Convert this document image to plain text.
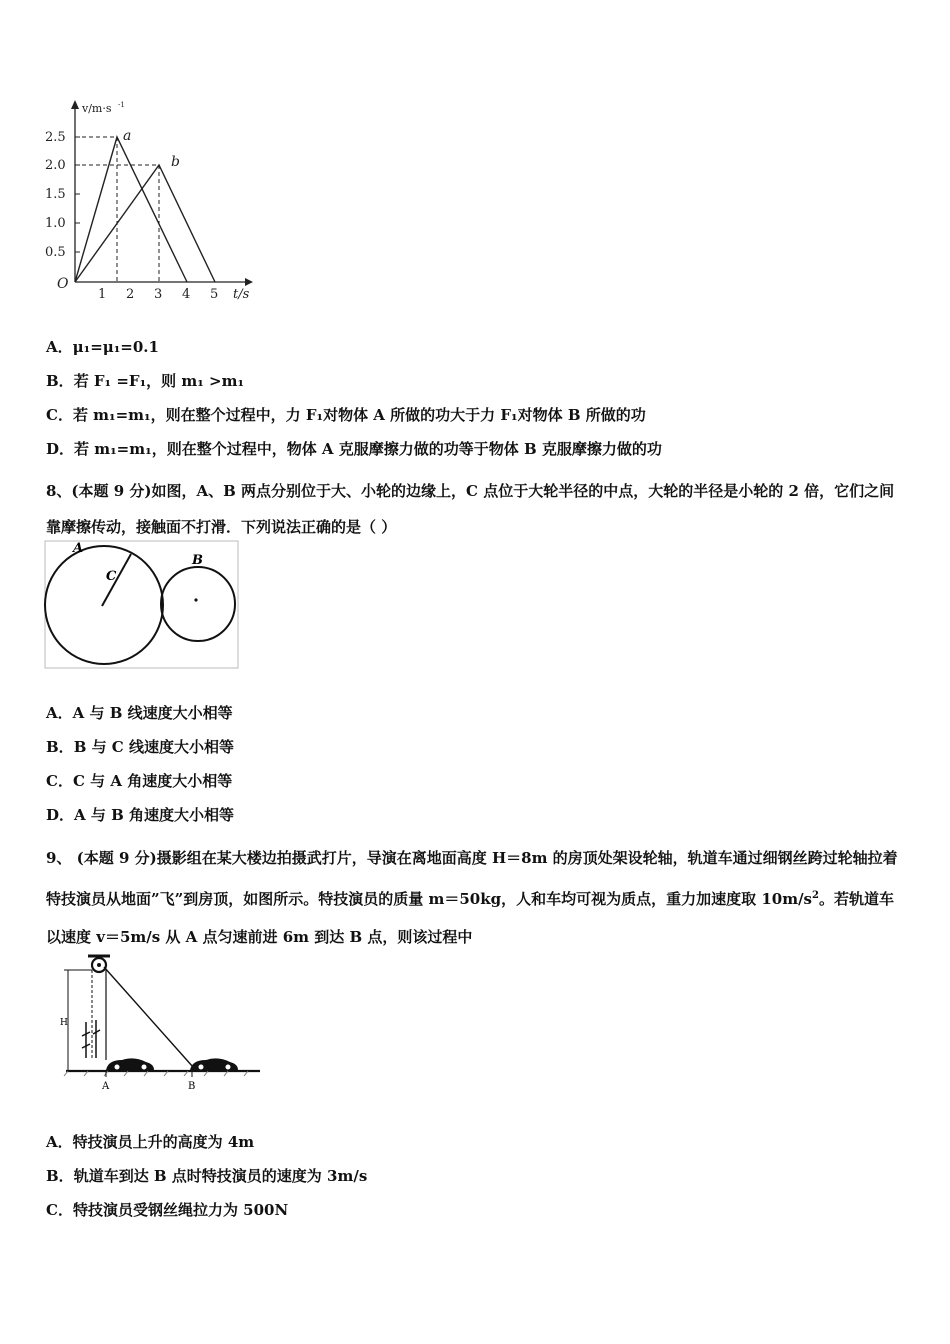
2.5
2.0
1.5
1.0
0.5
1 2 3 4 5
O
t/s
v/m·s -1
a
b
A．μ₁=μ₁=0.1
B．若 F₁ =F₁，则 m₁ >m₁
C．若 m₁=m₁，则在整个过程中，力 F₁对物体 A 所做的功大于力 F₁对物体 B 所做的功
D．若 m₁=m₁，则在整个过程中，物体 A 克服摩擦力做的功等于物体 B 克服摩擦力做的功
8、(本题 9 分)如图，A、B 两点分别位于大、小轮的边缘上，C 点位于大轮半径的中点，大轮的半径是小轮的 2 倍，它们之间靠摩擦传动，接触面不打滑．下列说法正确的是（ ）
A
C
B
A．A 与 B 线速度大小相等
B．B 与 C 线速度大小相等
C．C 与 A 角速度大小相等
D．A 与 B 角速度大小相等
9、 (本题 9 分)摄影组在某大楼边拍摄武打片，导演在离地面高度 H＝8m 的房顶处架设轮轴，轨道车通过细钢丝跨过轮轴拉着特技演员从地面”飞”到房顶，如图所示。特技演员的质量 m＝50kg，人和车均可视为质点，重力加速度取 $10m/s^2$。若轨道车以速度 v＝5m/s 从 A 点匀速前进 6m 到达 B 点，则该过程中
H
A	B
A．特技演员上升的高度为 4m
B．轨道车到达 B 点时特技演员的速度为 3m/s
C．特技演员受钢丝绳拉力为 500N
